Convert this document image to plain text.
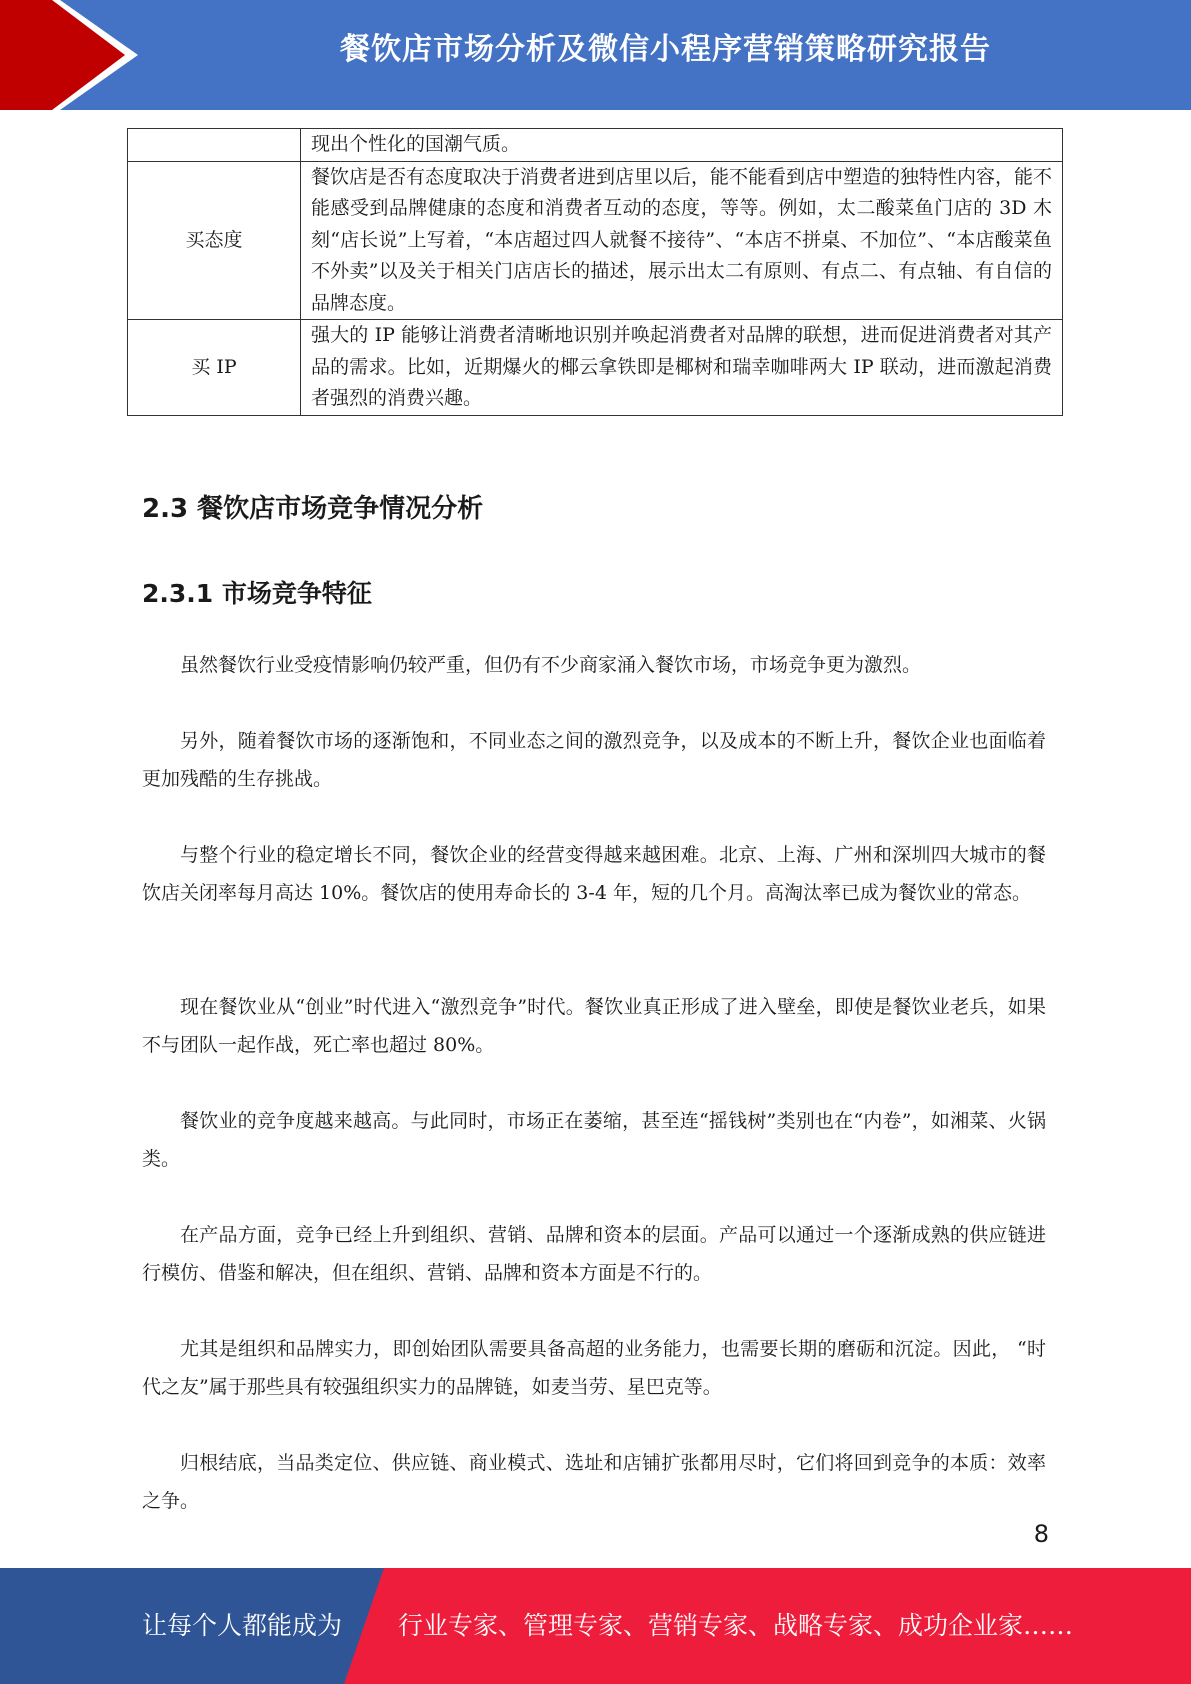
餐饮店市场分析及微信小程序营销策略研究报告
	现出个性化的国潮气质。
买态度	餐饮店是否有态度取决于消费者进到店里以后，能不能看到店中塑造的独特性内容，能不能感受到品牌健康的态度和消费者互动的态度，等等。例如，太二酸菜鱼门店的 3D 木刻“店长说”上写着，“本店超过四人就餐不接待”、“本店不拼桌、不加位”、“本店酸菜鱼不外卖”以及关于相关门店店长的描述，展示出太二有原则、有点二、有点轴、有自信的品牌态度。
买 IP	强大的 IP 能够让消费者清晰地识别并唤起消费者对品牌的联想，进而促进消费者对其产品的需求。比如，近期爆火的椰云拿铁即是椰树和瑞幸咖啡两大 IP 联动，进而激起消费者强烈的消费兴趣。
2.3 餐饮店市场竞争情况分析
2.3.1 市场竞争特征

虽然餐饮行业受疫情影响仍较严重，但仍有不少商家涌入餐饮市场，市场竞争更为激烈。

另外，随着餐饮市场的逐渐饱和，不同业态之间的激烈竞争，以及成本的不断上升，餐饮企业也面临着更加残酷的生存挑战。

与整个行业的稳定增长不同，餐饮企业的经营变得越来越困难。北京、上海、广州和深圳四大城市的餐饮店关闭率每月高达 10%。餐饮店的使用寿命长的 3-4 年，短的几个月。高淘汰率已成为餐饮业的常态。

现在餐饮业从“创业”时代进入“激烈竞争”时代。餐饮业真正形成了进入壁垒，即使是餐饮业老兵，如果不与团队一起作战，死亡率也超过 80%。

餐饮业的竞争度越来越高。与此同时，市场正在萎缩，甚至连“摇钱树”类别也在“内卷”，如湘菜、火锅类。

在产品方面，竞争已经上升到组织、营销、品牌和资本的层面。产品可以通过一个逐渐成熟的供应链进行模仿、借鉴和解决，但在组织、营销、品牌和资本方面是不行的。

尤其是组织和品牌实力，即创始团队需要具备高超的业务能力，也需要长期的磨砺和沉淀。因此， “时代之友”属于那些具有较强组织实力的品牌链，如麦当劳、星巴克等。

归根结底，当品类定位、供应链、商业模式、选址和店铺扩张都用尽时，它们将回到竞争的本质：效率之争。

8
让每个人都能成为 行业专家、管理专家、营销专家、战略专家、成功企业家……
